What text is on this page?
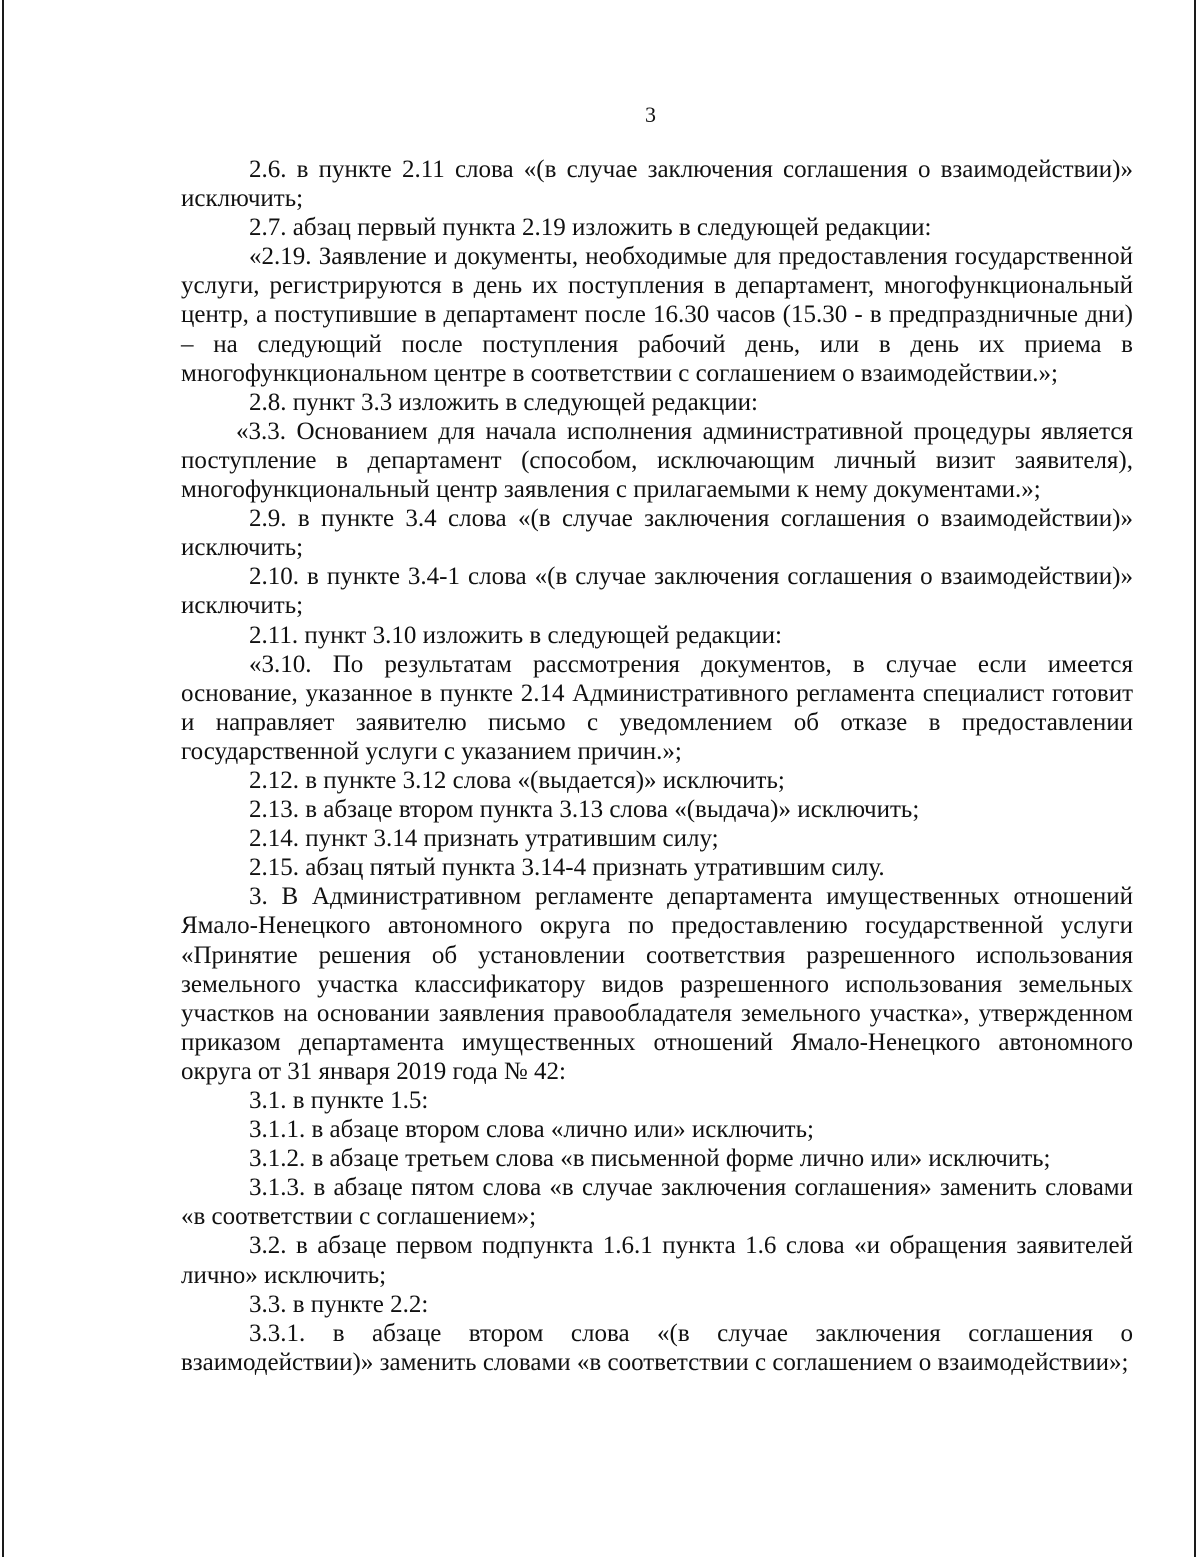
3

2.6. в пункте 2.11 слова «(в случае заключения соглашения о взаимодействии)» исключить;

2.7. абзац первый пункта 2.19 изложить в следующей редакции:

«2.19. Заявление и документы, необходимые для предоставления государственной услуги, регистрируются в день их поступления в департамент, многофункциональный центр, а поступившие в департамент после 16.30 часов (15.30 - в предпраздничные дни) – на следующий после поступления рабочий день, или в день их приема в многофункциональном центре в соответствии с соглашением о взаимодействии.»;

2.8. пункт 3.3 изложить в следующей редакции:

«3.3. Основанием для начала исполнения административной процедуры является поступление в департамент (способом, исключающим личный визит заявителя), многофункциональный центр заявления с прилагаемыми к нему документами.»;

2.9. в пункте 3.4 слова «(в случае заключения соглашения о взаимодействии)» исключить;

2.10. в пункте 3.4-1 слова «(в случае заключения соглашения о взаимодействии)» исключить;

2.11. пункт 3.10 изложить в следующей редакции:

«3.10. По результатам рассмотрения документов, в случае если имеется основание, указанное в пункте 2.14 Административного регламента специалист готовит и направляет заявителю письмо с уведомлением об отказе в предоставлении государственной услуги с указанием причин.»;

2.12. в пункте 3.12 слова «(выдается)» исключить;

2.13. в абзаце втором пункта 3.13 слова «(выдача)» исключить;

2.14. пункт 3.14 признать утратившим силу;

2.15. абзац пятый пункта 3.14-4 признать утратившим силу.

3. В Административном регламенте департамента имущественных отношений Ямало-Ненецкого автономного округа по предоставлению государственной услуги «Принятие решения об установлении соответствия разрешенного использования земельного участка классификатору видов разрешенного использования земельных участков на основании заявления правообладателя земельного участка», утвержденном приказом департамента имущественных отношений Ямало-Ненецкого автономного округа от 31 января 2019 года № 42:

3.1. в пункте 1.5:

3.1.1. в абзаце втором слова «лично или» исключить;

3.1.2. в абзаце третьем слова «в письменной форме лично или» исключить;

3.1.3. в абзаце пятом слова «в случае заключения соглашения» заменить словами «в соответствии с соглашением»;

3.2. в абзаце первом подпункта 1.6.1 пункта 1.6 слова «и обращения заявителей лично» исключить;

3.3. в пункте 2.2:

3.3.1. в абзаце втором слова «(в случае заключения соглашения о взаимодействии)» заменить словами «в соответствии с соглашением о взаимодействии»;
